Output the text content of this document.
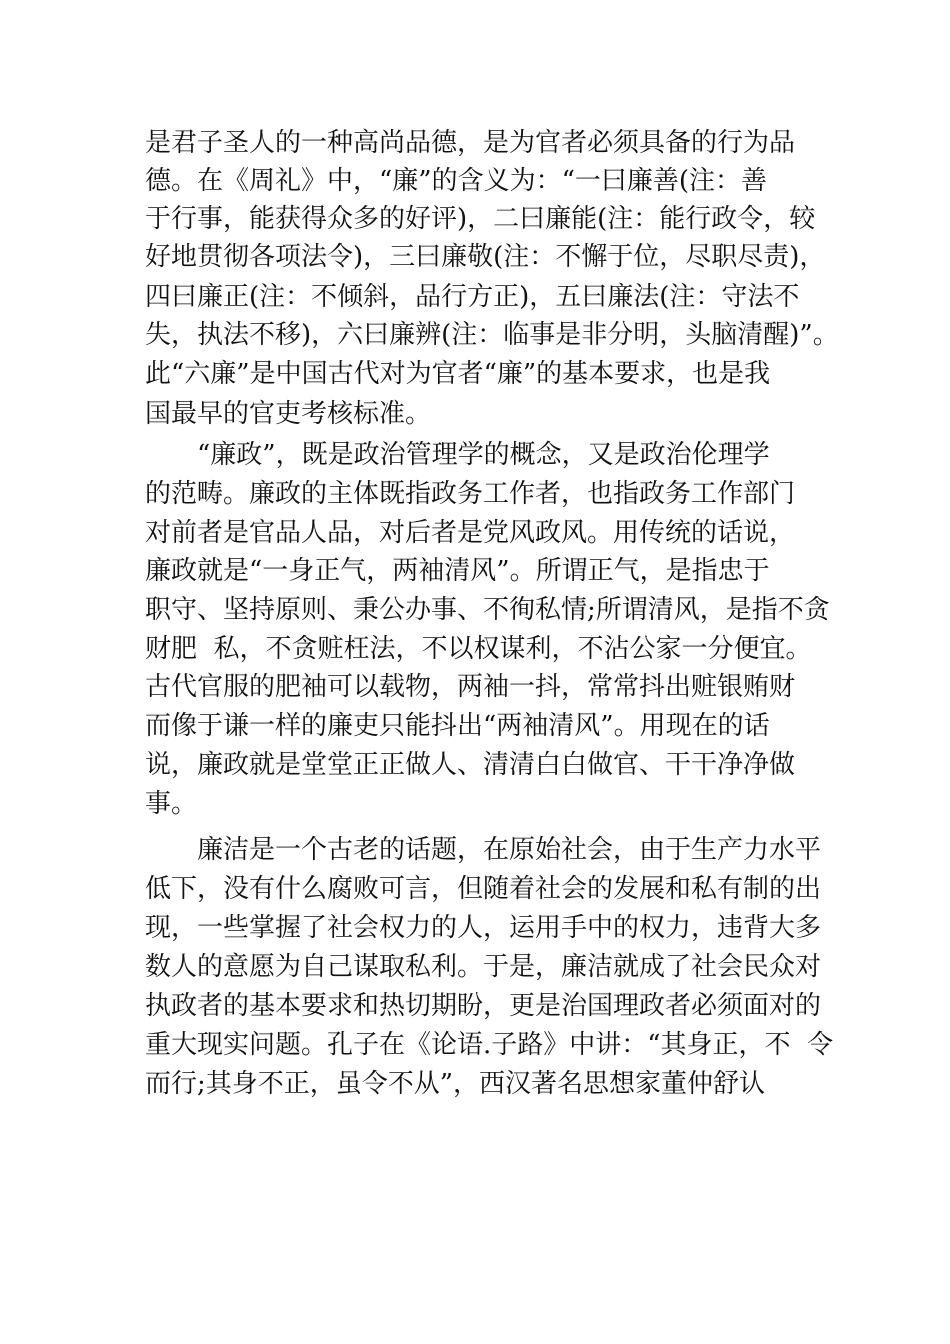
是君子圣人的一种高尚品德，是为官者必须具备的行为品
德。在《周礼》中，“廉”的含义为：“一曰廉善(注：善
于行事，能获得众多的好评)，二曰廉能(注：能行政令，较
好地贯彻各项法令)，三曰廉敬(注：不懈于位，尽职尽责)，
四曰廉正(注：不倾斜，品行方正)，五曰廉法(注：守法不
失，执法不移)，六曰廉辨(注：临事是非分明，头脑清醒)”。
此“六廉”是中国古代对为官者“廉”的基本要求，也是我
国最早的官吏考核标准。
“廉政”，既是政治管理学的概念，又是政治伦理学
的范畴。廉政的主体既指政务工作者，也指政务工作部门
对前者是官品人品，对后者是党风政风。用传统的话说，
廉政就是“一身正气，两袖清风”。所谓正气，是指忠于
职守、坚持原则、秉公办事、不徇私情;所谓清风，是指不贪
财肥  私，不贪赃枉法，不以权谋利，不沾公家一分便宜。
古代官服的肥袖可以载物，两袖一抖，常常抖出赃银贿财
而像于谦一样的廉吏只能抖出“两袖清风”。用现在的话
说，廉政就是堂堂正正做人、清清白白做官、干干净净做
事。
廉洁是一个古老的话题，在原始社会，由于生产力水平
低下，没有什么腐败可言，但随着社会的发展和私有制的出
现，一些掌握了社会权力的人，运用手中的权力，违背大多
数人的意愿为自己谋取私利。于是，廉洁就成了社会民众对
执政者的基本要求和热切期盼，更是治国理政者必须面对的
重大现实问题。孔子在《论语.子路》中讲：“其身正，不  令
而行;其身不正，虽令不从”，西汉著名思想家董仲舒认
